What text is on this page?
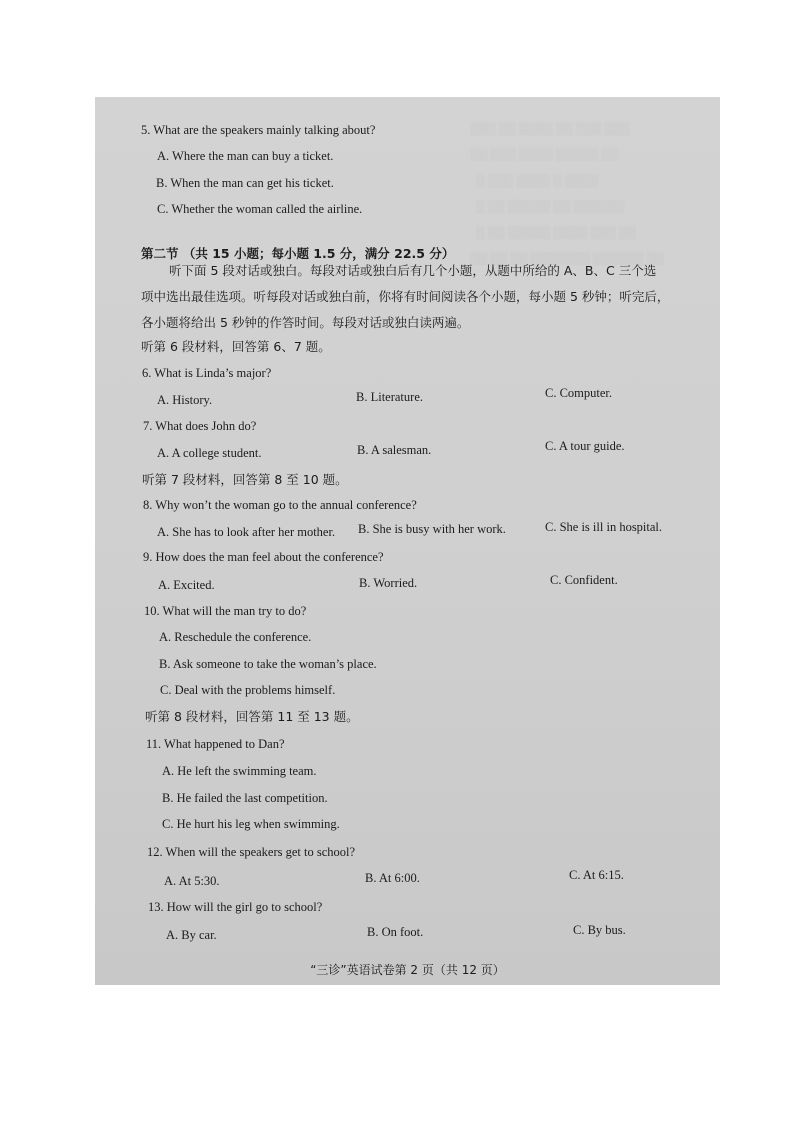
░░░ ░░ ░░░░ ░░ ░░░ ░░░
░░ ░░░ ░░░░ ░░░░░ ░░
░ ░░░ ░░░░ ░ ░░░░
░ ░░ ░░░░░ ░░ ░░░░░░
░ ░░ ░░░░░ ░░░░ ░░░ ░░
░░ ░░ ░░ ░░░░░░░ ░░░░░░ ░░
5. What are the speakers mainly talking about?
A. Where the man can buy a ticket.
B. When the man can get his ticket.
C. Whether the woman called the airline.
第二节 （共 15 小题；每小题 1.5 分，满分 22.5 分）
听下面 5 段对话或独白。每段对话或独白后有几个小题，从题中所给的 A、B、C 三个选
项中选出最佳选项。听每段对话或独白前，你将有时间阅读各个小题，每小题 5 秒钟；听完后，
各小题将给出 5 秒钟的作答时间。每段对话或独白读两遍。
听第 6 段材料，回答第 6、7 题。
6. What is Linda’s major?
A. History.	B. Literature.	C. Computer.
7. What does John do?
A. A college student.	B. A salesman.	C. A tour guide.
听第 7 段材料，回答第 8 至 10 题。
8. Why won’t the woman go to the annual conference?
A. She has to look after her mother. B. She is busy with her work.	C. She is ill in hospital.
9. How does the man feel about the conference?
A. Excited.	B. Worried.	C. Confident.
10. What will the man try to do?
A. Reschedule the conference.
B. Ask someone to take the woman’s place.
C. Deal with the problems himself.
听第 8 段材料，回答第 11 至 13 题。
11. What happened to Dan?
A. He left the swimming team.
B. He failed the last competition.
C. He hurt his leg when swimming.
12. When will the speakers get to school?
A. At 5:30.	B. At 6:00.	C. At 6:15.
13. How will the girl go to school?
A. By car.	B. On foot.	C. By bus.
“三诊”英语试卷第 2 页（共 12 页）
